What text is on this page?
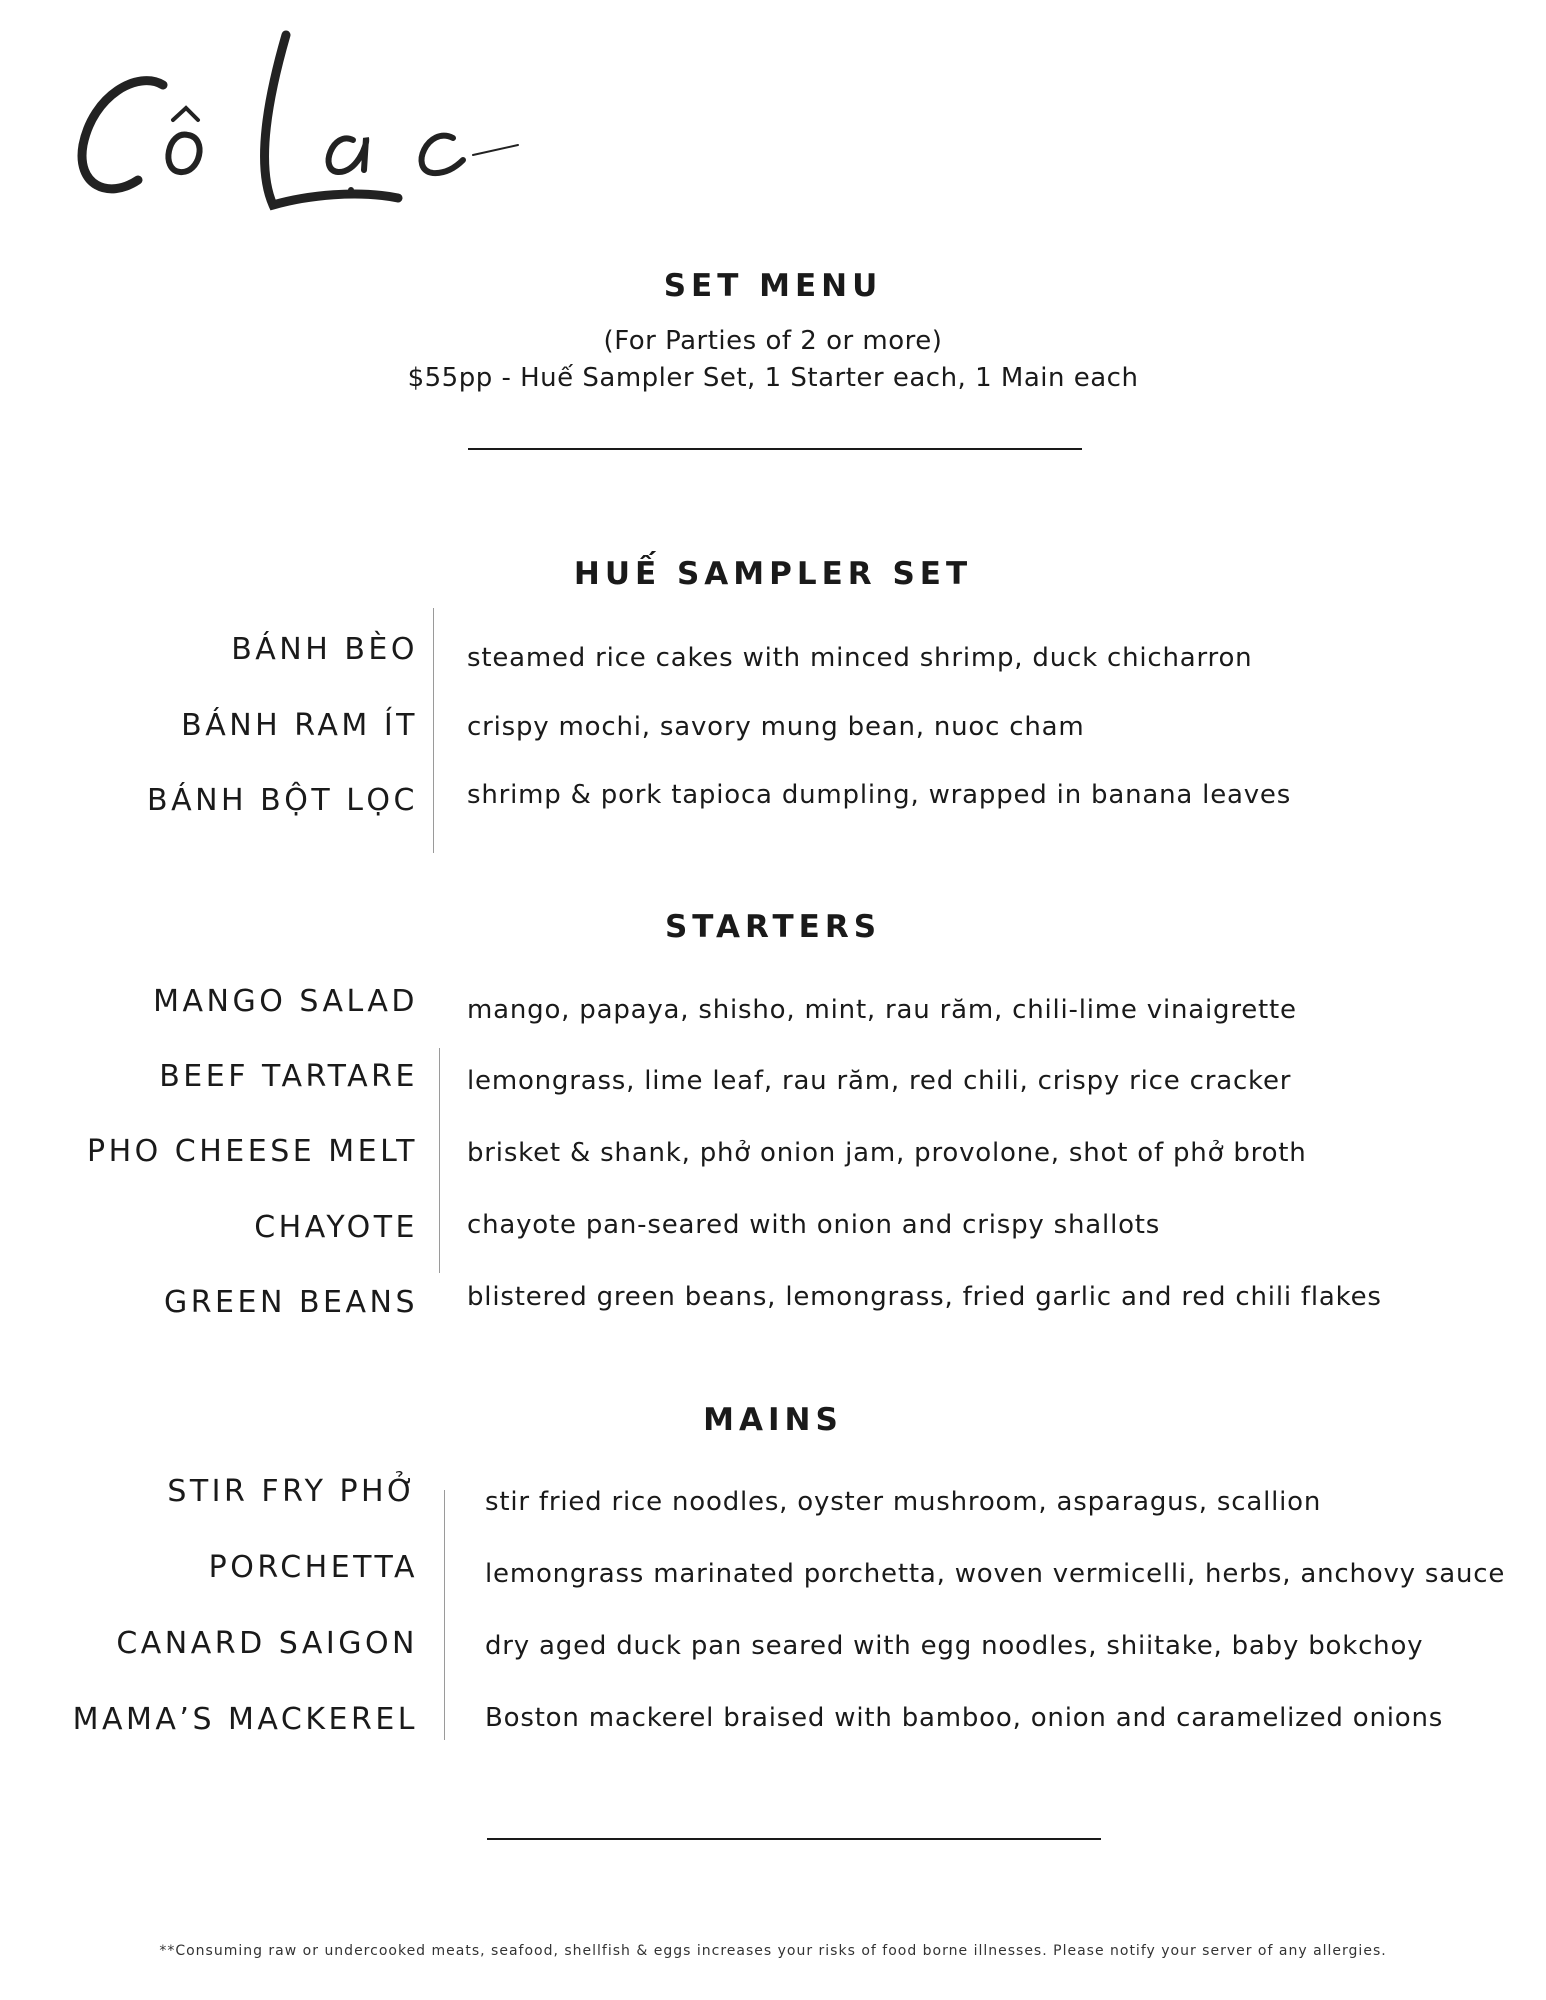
SET MENU
(For Parties of 2 or more)
$55pp - Huế Sampler Set, 1 Starter each, 1 Main each
HUẾ SAMPLER SET
BÁNH BÈO steamed rice cakes with minced shrimp, duck chicharron
BÁNH RAM ÍT crispy mochi, savory mung bean, nuoc cham
BÁNH BỘT LỌC shrimp & pork tapioca dumpling, wrapped in banana leaves
STARTERS
MANGO SALAD mango, papaya, shisho, mint, rau răm, chili-lime vinaigrette
BEEF TARTARE lemongrass, lime leaf, rau răm, red chili, crispy rice cracker
PHO CHEESE MELT brisket & shank, phở onion jam, provolone, shot of phở broth
CHAYOTE chayote pan-seared with onion and crispy shallots
GREEN BEANS blistered green beans, lemongrass, fried garlic and red chili flakes
MAINS
STIR FRY PHỞ	stir fried rice noodles, oyster mushroom, asparagus, scallion
PORCHETTA	lemongrass marinated porchetta, woven vermicelli, herbs, anchovy sauce
CANARD SAIGON	dry aged duck pan seared with egg noodles, shiitake, baby bokchoy
MAMA’S MACKEREL	Boston mackerel braised with bamboo, onion and caramelized onions
**Consuming raw or undercooked meats, seafood, shellfish & eggs increases your risks of food borne illnesses. Please notify your server of any allergies.
